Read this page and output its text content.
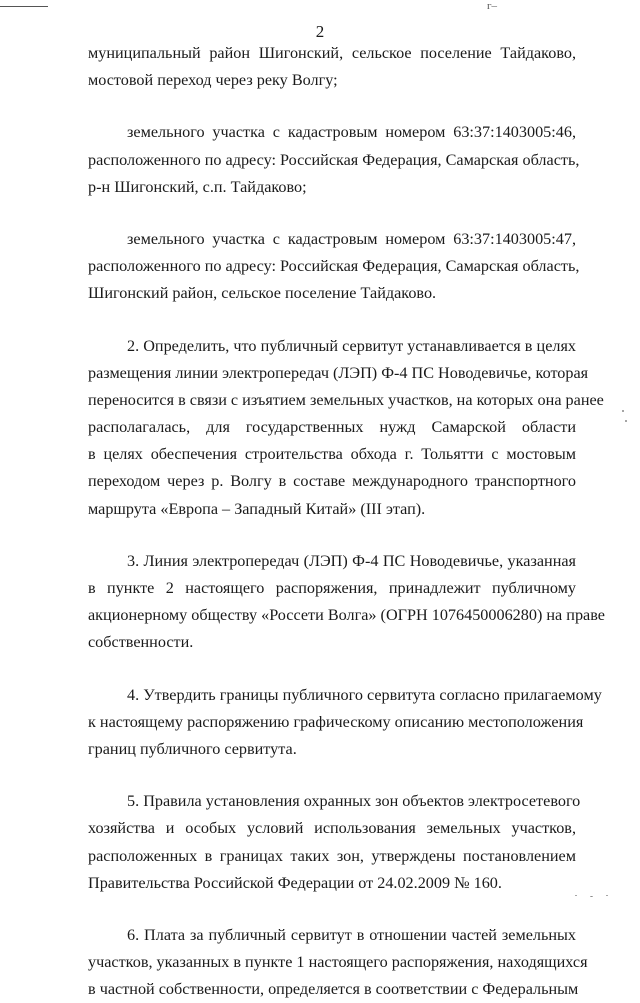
г–
2
муниципальный район Шигонский, сельское поселение Тайдаково,
мостовой переход через реку Волгу;
земельного участка с кадастровым номером 63:37:1403005:46,
расположенного по адресу: Российская Федерация, Самарская область,
р-н Шигонский, с.п. Тайдаково;
земельного участка с кадастровым номером 63:37:1403005:47,
расположенного по адресу: Российская Федерация, Самарская область,
Шигонский район, сельское поселение Тайдаково.
2. Определить, что публичный сервитут устанавливается в целях
размещения линии электропередач (ЛЭП) Ф-4 ПС Новодевичье, которая
переносится в связи с изъятием земельных участков, на которых она ранее
располагалась, для государственных нужд Самарской области
в целях обеспечения строительства обхода г. Тольятти с мостовым
переходом через р. Волгу в составе международного транспортного
маршрута «Европа – Западный Китай» (III этап).
3. Линия электропередач (ЛЭП) Ф-4 ПС Новодевичье, указанная
в пункте 2 настоящего распоряжения, принадлежит публичному
акционерному обществу «Россети Волга» (ОГРН 1076450006280) на праве
собственности.
4. Утвердить границы публичного сервитута согласно прилагаемому
к настоящему распоряжению графическому описанию местоположения
границ публичного сервитута.
5. Правила установления охранных зон объектов электросетевого
хозяйства и особых условий использования земельных участков,
расположенных в границах таких зон, утверждены постановлением
Правительства Российской Федерации от 24.02.2009 № 160.
6. Плата за публичный сервитут в отношении частей земельных
участков, указанных в пункте 1 настоящего распоряжения, находящихся
в частной собственности, определяется в соответствии с Федеральным
